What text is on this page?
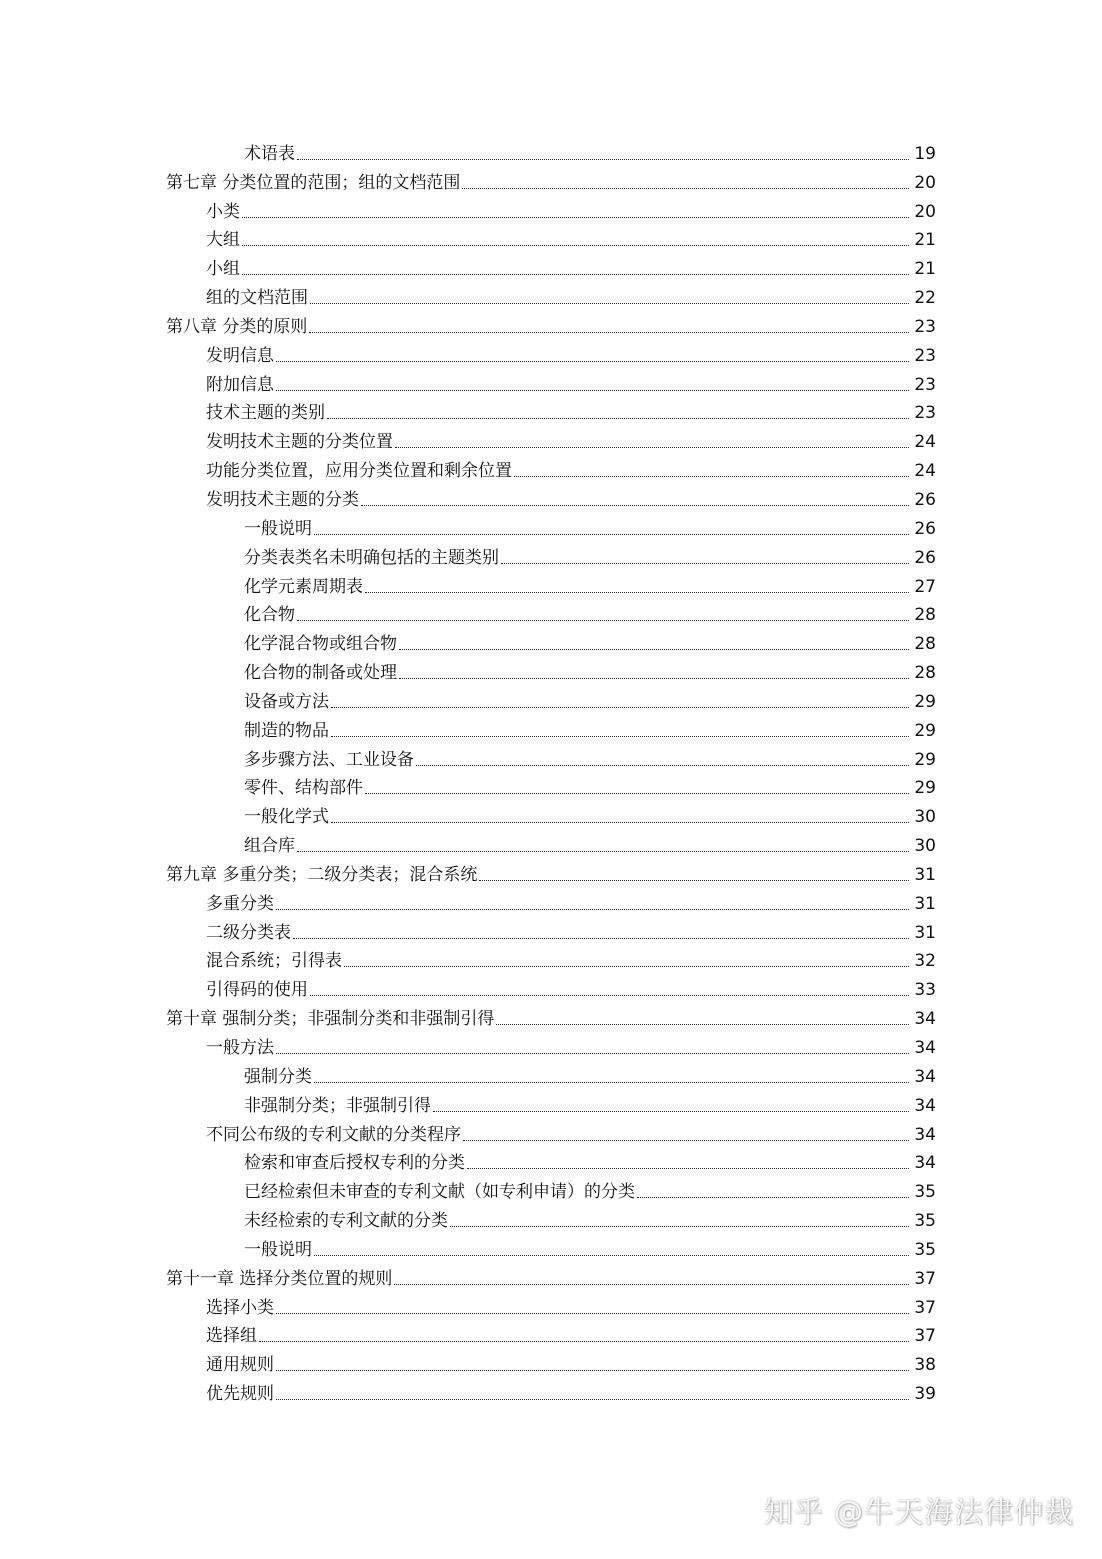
术语表	19
第七章 分类位置的范围；组的文档范围	20
小类	20
大组	21
小组	21
组的文档范围	22
第八章 分类的原则	23
发明信息	23
附加信息	23
技术主题的类别	23
发明技术主题的分类位置	24
功能分类位置，应用分类位置和剩余位置	24
发明技术主题的分类	26
一般说明	26
分类表类名未明确包括的主题类别	26
化学元素周期表	27
化合物	28
化学混合物或组合物	28
化合物的制备或处理	28
设备或方法	29
制造的物品	29
多步骤方法、工业设备	29
零件、结构部件	29
一般化学式	30
组合库	30
第九章 多重分类；二级分类表；混合系统	31
多重分类	31
二级分类表	31
混合系统；引得表	32
引得码的使用	33
第十章 强制分类；非强制分类和非强制引得	34
一般方法	34
强制分类	34
非强制分类；非强制引得	34
不同公布级的专利文献的分类程序	34
检索和审查后授权专利的分类	34
已经检索但未审查的专利文献（如专利申请）的分类	35
未经检索的专利文献的分类	35
一般说明	35
第十一章 选择分类位置的规则	37
选择小类	37
选择组	37
通用规则	38
优先规则	39
知乎 @牛天海法律仲裁
